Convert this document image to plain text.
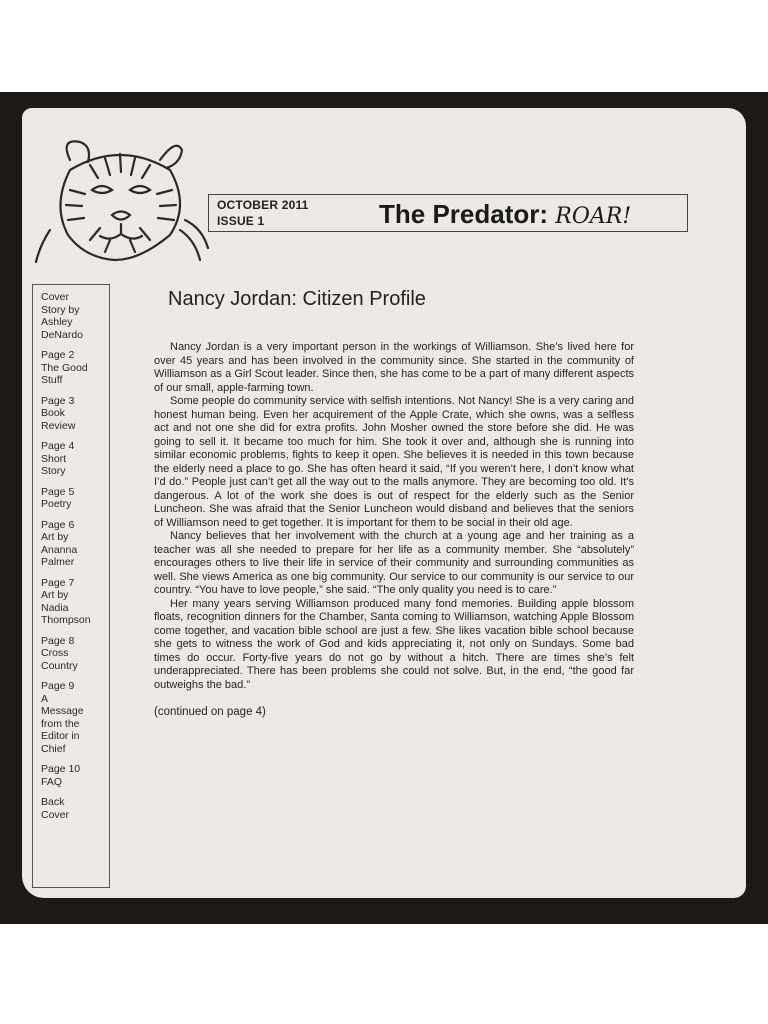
OCTOBER 2011
ISSUE 1	The Predator: ROAR!
Cover
Story by
Ashley
DeNardo
Page 2
The Good
Stuff
Page 3
Book
Review
Page 4
Short
Story
Page 5
Poetry
Page 6
Art by
Ananna
Palmer
Page 7
Art by
Nadia
Thompson
Page 8
Cross
Country
Page 9
A
Message
from the
Editor in
Chief
Page 10
FAQ
Back
Cover
Nancy Jordan: Citizen Profile

Nancy Jordan is a very important person in the workings of Williamson. She’s lived here for over 45 years and has been involved in the community since. She started in the community of Williamson as a Girl Scout leader. Since then, she has come to be a part of many different aspects of our small, apple-farming town.

Some people do community service with selfish intentions. Not Nancy! She is a very caring and honest human being. Even her acquirement of the Apple Crate, which she owns, was a selfless act and not one she did for extra profits. John Mosher owned the store before she did. He was going to sell it. It became too much for him. She took it over and, although she is running into similar economic problems, fights to keep it open. She believes it is needed in this town because the elderly need a place to go. She has often heard it said, “If you weren’t here, I don’t know what I’d do.” People just can’t get all the way out to the malls anymore. They are becoming too old. It’s dangerous. A lot of the work she does is out of respect for the elderly such as the Senior Luncheon. She was afraid that the Senior Luncheon would disband and believes that the seniors of Williamson need to get together. It is important for them to be social in their old age.

Nancy believes that her involvement with the church at a young age and her training as a teacher was all she needed to prepare for her life as a community member. She “absolutely” encourages others to live their life in service of their community and surrounding communities as well. She views America as one big community. Our service to our community is our service to our country. “You have to love people,” she said. “The only quality you need is to care.”

Her many years serving Williamson produced many fond memories. Building apple blossom floats, recognition dinners for the Chamber, Santa coming to Williamson, watching Apple Blossom come together, and vacation bible school are just a few. She likes vacation bible school because she gets to witness the work of God and kids appreciating it, not only on Sundays. Some bad times do occur. Forty-five years do not go by without a hitch. There are times she’s felt underappreciated. There has been problems she could not solve. But, in the end, “the good far outweighs the bad.”

(continued on page 4)
